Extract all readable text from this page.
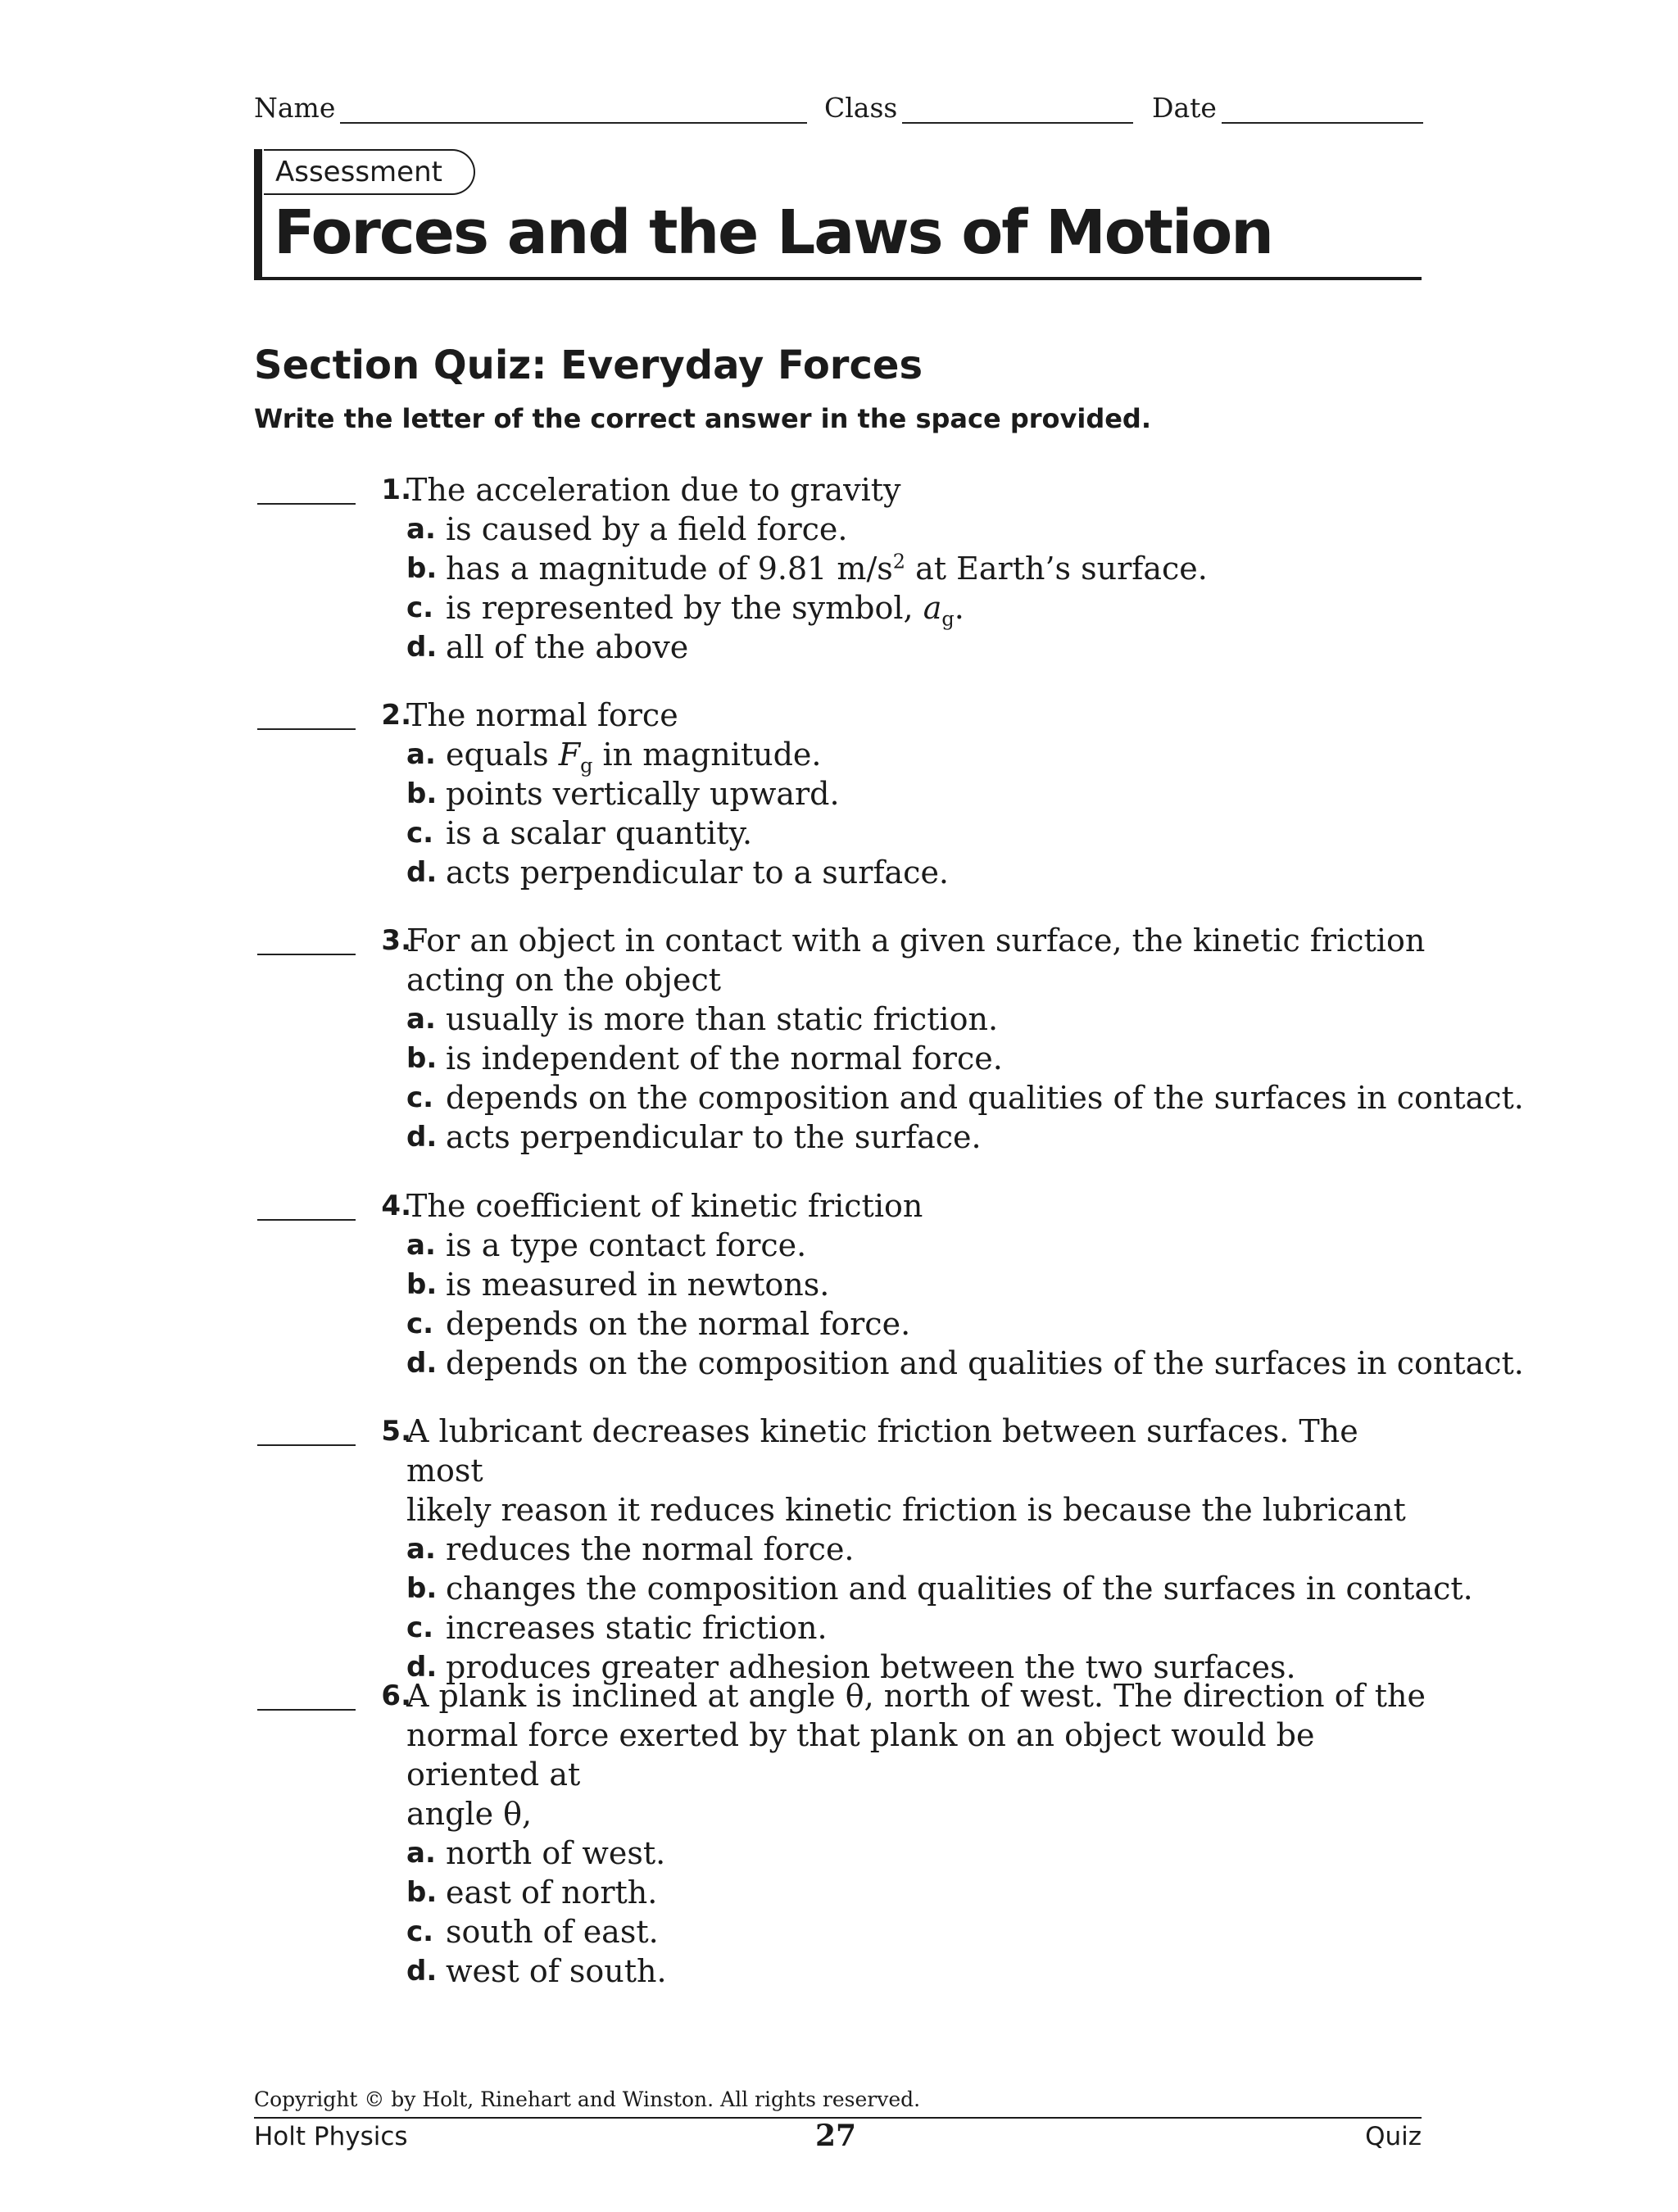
Name	Class	Date
Assessment
Forces and the Laws of Motion
Section Quiz: Everyday Forces
Write the letter of the correct answer in the space provided.
1.
The acceleration due to gravity
a. is caused by a field force.
b. has a magnitude of 9.81 $m/s^2$ at Earth’s surface.
c. is represented by the symbol, $a_g$.
d. all of the above
2.
The normal force
a. equals $F_g$ in magnitude.
b. points vertically upward.
c. is a scalar quantity.
d. acts perpendicular to a surface.
3.
For an object in contact with a given surface, the kinetic friction
acting on the object
a. usually is more than static friction.
b. is independent of the normal force.
c. depends on the composition and qualities of the surfaces in contact.
d. acts perpendicular to the surface.
4.
The coefficient of kinetic friction
a. is a type contact force.
b. is measured in newtons.
c. depends on the normal force.
d. depends on the composition and qualities of the surfaces in contact.
5.
A lubricant decreases kinetic friction between surfaces. The most
likely reason it reduces kinetic friction is because the lubricant
a. reduces the normal force.
b. changes the composition and qualities of the surfaces in contact.
c. increases static friction.
d. produces greater adhesion between the two surfaces.
6.
A plank is inclined at angle θ, north of west. The direction of the
normal force exerted by that plank on an object would be oriented at
angle θ,
a. north of west.
b. east of north.
c. south of east.
d. west of south.
Copyright © by Holt, Rinehart and Winston. All rights reserved.
Holt Physics	27	Quiz
